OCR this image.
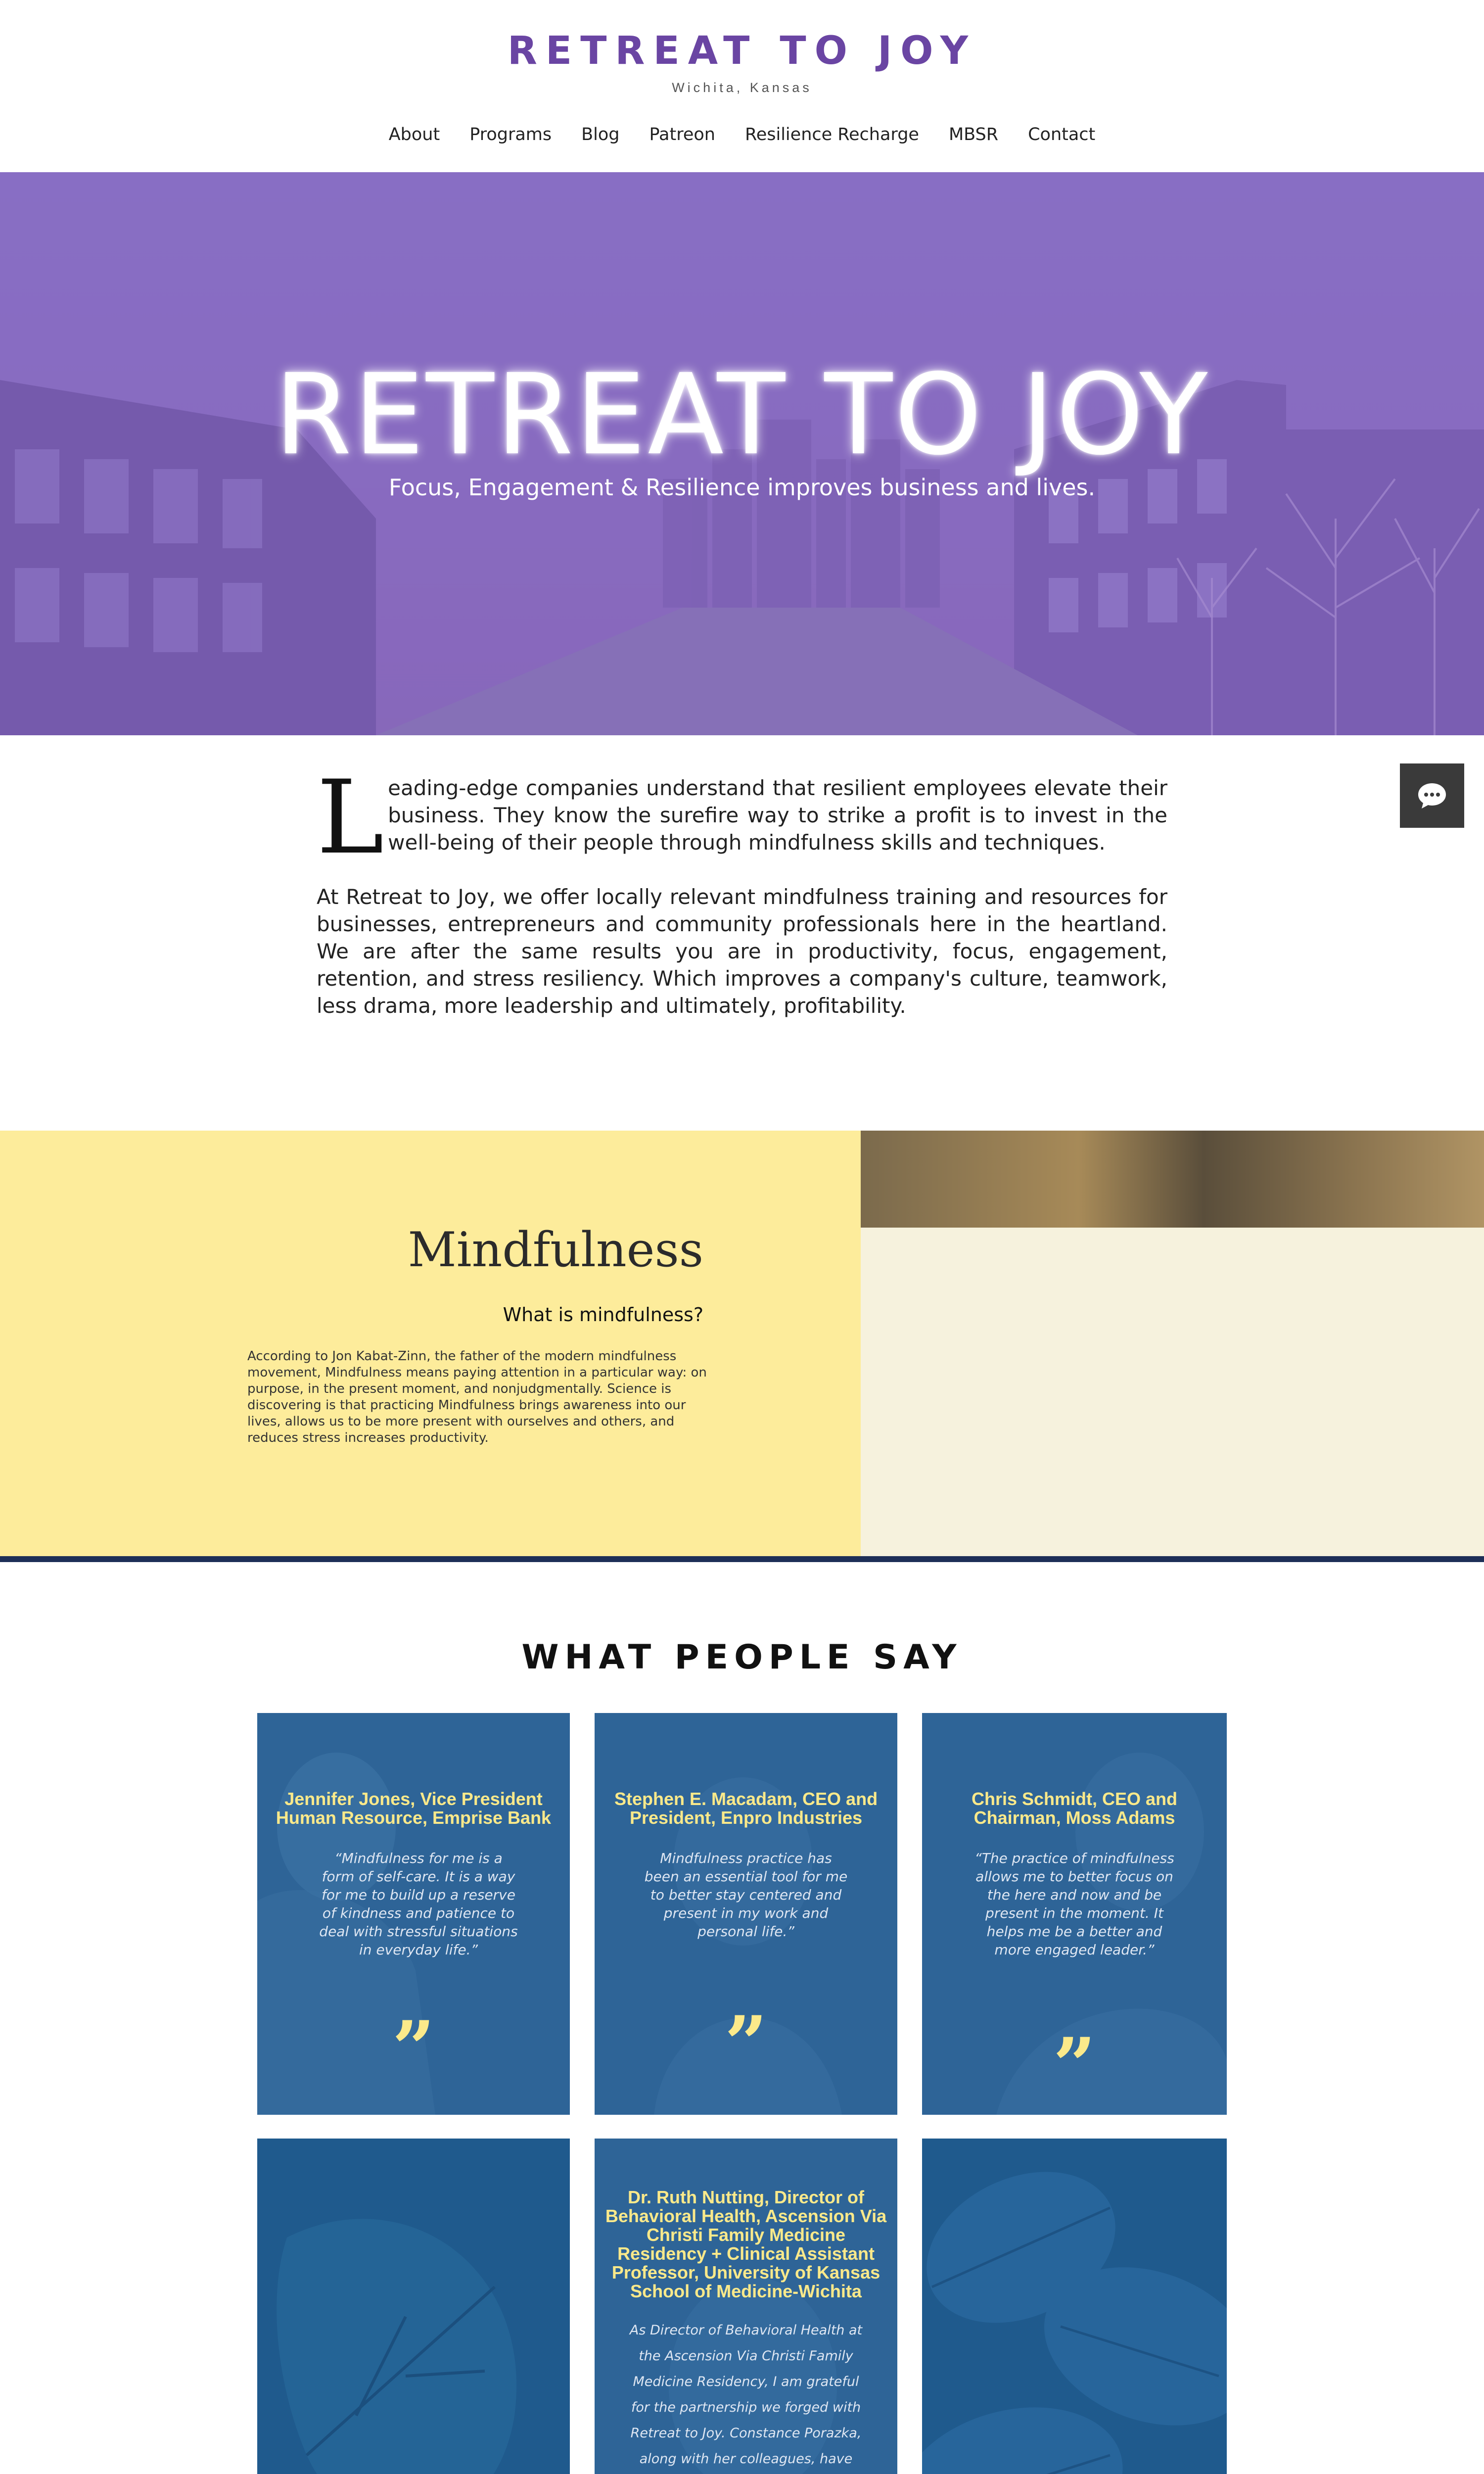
RETREAT TO JOY
Wichita, Kansas
About	Programs	Blog	Patreon	Resilience Recharge	MBSR	Contact
RETREAT TO JOY
Focus, Engagement & Resilience improves business and lives.

Leading-edge companies understand that resilient employees elevate their business. They know the surefire way to strike a profit is to invest in the well-being of their people through mindfulness skills and techniques.

At Retreat to Joy, we offer locally relevant mindfulness training and resources for businesses, entrepreneurs and community professionals here in the heartland. We are after the same results you are in productivity, focus, engagement, retention, and stress resiliency. Which improves a company's culture, teamwork, less drama, more leadership and ultimately, profitability.

Mindfulness
What is mindfulness?
According to Jon Kabat-Zinn, the father of the modern mindfulness movement, Mindfulness means paying attention in a particular way: on purpose, in the present moment, and nonjudgmentally. Science is discovering is that practicing Mindfulness brings awareness into our lives, allows us to be more present with ourselves and others, and reduces stress increases productivity.
WHAT PEOPLE SAY
Jennifer Jones, Vice President Human Resource, Emprise Bank
“Mindfulness for me is a form of self-care. It is a way for me to build up a reserve of kindness and patience to deal with stressful situations in everyday life.”
”
Stephen E. Macadam, CEO and President, Enpro Industries
Mindfulness practice has been an essential tool for me to better stay centered and present in my work and personal life.”
”
Chris Schmidt, CEO and Chairman, Moss Adams
“The practice of mindfulness allows me to better focus on the here and now and be present in the moment. It helps me be a better and more engaged leader.”
”
Dr. Ruth Nutting, Director of Behavioral Health, Ascension Via Christi Family Medicine Residency + Clinical Assistant Professor, University of Kansas School of Medicine-Wichita
As Director of Behavioral Health at the Ascension Via Christi Family Medicine Residency, I am grateful for the partnership we forged with Retreat to Joy. Constance Porazka, along with her colleagues, have
